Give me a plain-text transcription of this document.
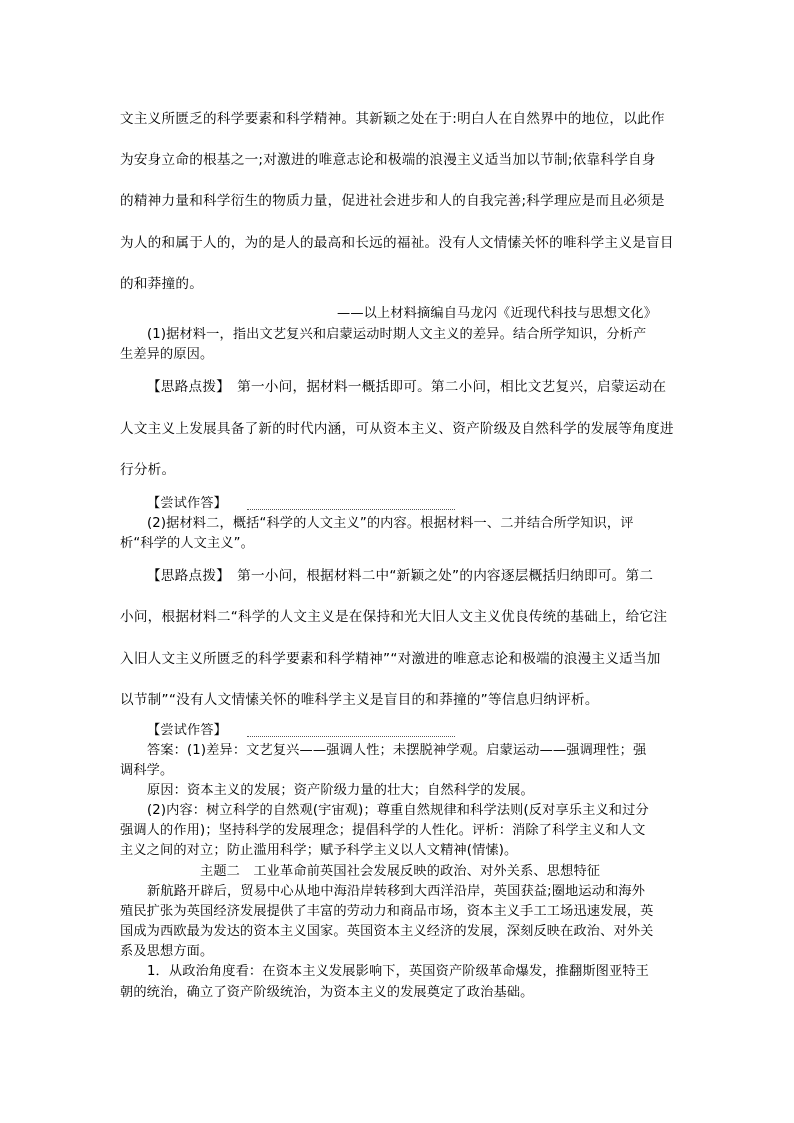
文主义所匮乏的科学要素和科学精神。其新颖之处在于:明白人在自然界中的地位，以此作
为安身立命的根基之一;对激进的唯意志论和极端的浪漫主义适当加以节制;依靠科学自身
的精神力量和科学衍生的物质力量，促进社会进步和人的自我完善;科学理应是而且必须是
为人的和属于人的，为的是人的最高和长远的福祉。没有人文情愫关怀的唯科学主义是盲目
的和莽撞的。
——以上材料摘编自马龙闪《近现代科技与思想文化》
(1)据材料一，指出文艺复兴和启蒙运动时期人文主义的差异。结合所学知识，分析产
生差异的原因。
【思路点拨】　第一小问，据材料一概括即可。第二小问，相比文艺复兴，启蒙运动在
人文主义上发展具备了新的时代内涵，可从资本主义、资产阶级及自然科学的发展等角度进
行分析。
【尝试作答】
(2)据材料二，概括“科学的人文主义”的内容。根据材料一、二并结合所学知识，评
析“科学的人文主义”。
【思路点拨】　第一小问，根据材料二中“新颖之处”的内容逐层概括归纳即可。第二
小问，根据材料二“科学的人文主义是在保持和光大旧人文主义优良传统的基础上，给它注
入旧人文主义所匮乏的科学要素和科学精神”“对激进的唯意志论和极端的浪漫主义适当加
以节制”“没有人文情愫关怀的唯科学主义是盲目的和莽撞的”等信息归纳评析。
【尝试作答】
答案：(1)差异：文艺复兴——强调人性；未摆脱神学观。启蒙运动——强调理性；强
调科学。
原因：资本主义的发展；资产阶级力量的壮大；自然科学的发展。
(2)内容：树立科学的自然观(宇宙观)；尊重自然规律和科学法则(反对享乐主义和过分
强调人的作用)；坚持科学的发展理念；提倡科学的人性化。评析：消除了科学主义和人文
主义之间的对立；防止滥用科学；赋予科学主义以人文精神(情愫)。
主题二　工业革命前英国社会发展反映的政治、对外关系、思想特征
新航路开辟后，贸易中心从地中海沿岸转移到大西洋沿岸，英国获益;圈地运动和海外
殖民扩张为英国经济发展提供了丰富的劳动力和商品市场，资本主义手工工场迅速发展，英
国成为西欧最为发达的资本主义国家。英国资本主义经济的发展，深刻反映在政治、对外关
系及思想方面。
1．从政治角度看：在资本主义发展影响下，英国资产阶级革命爆发，推翻斯图亚特王
朝的统治，确立了资产阶级统治，为资本主义的发展奠定了政治基础。
